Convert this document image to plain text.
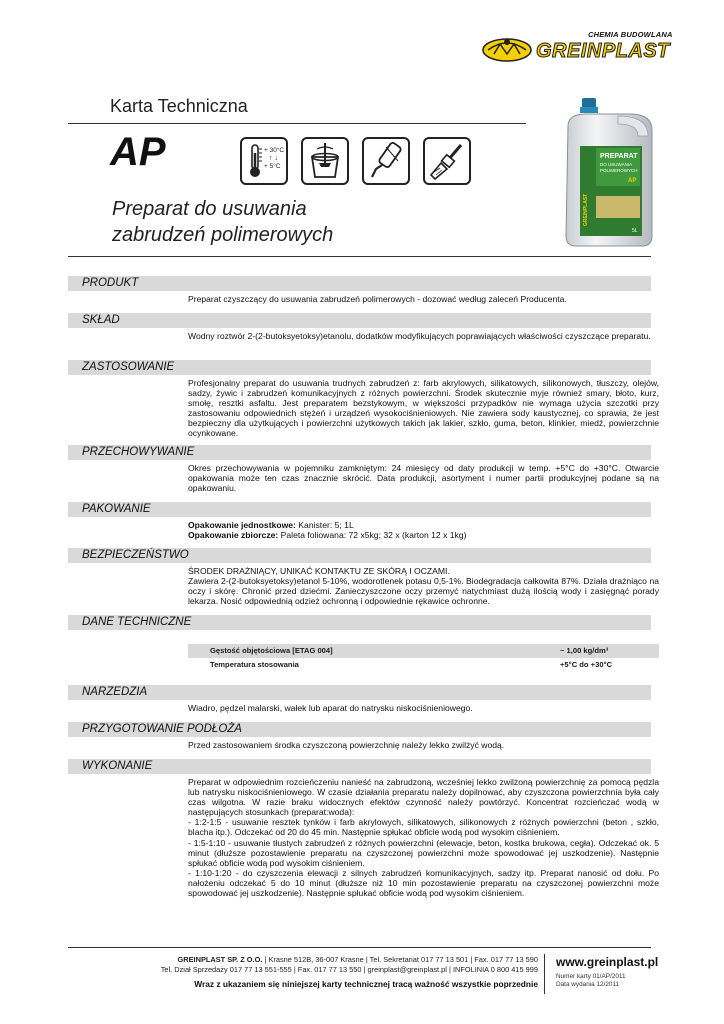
CHEMIA BUDOWLANA
GREINPLAST
Karta Techniczna
AP	+ 30°C
↑ ↓
+ 5°C
Preparat do usuwania
zabrudzeń polimerowych
PREPARAT
DO USUWANIA
POLIMEROWYCH
AP
GREINPLAST
5L
PRODUKT

Preparat czyszczący do usuwania zabrudzeń polimerowych - dozować według zaleceń Producenta.

SKŁAD

Wodny roztwór 2-(2-butoksyetoksy)etanolu, dodatków modyfikujących poprawiających właściwości czyszczące preparatu.

ZASTOSOWANIE

Profesjonalny preparat do usuwania trudnych zabrudzeń z: farb akrylowych, silikatowych, silikonowych, tłuszczy, olejów, sadzy, żywic i zabrudzeń komunikacyjnych z różnych powierzchni. Środek skutecznie myje również smary, błoto, kurz, smołę, resztki asfaltu. Jest preparatem bezstykowym, w większości przypadków nie wymaga użycia szczotki przy zastosowaniu odpowiednich stężeń i urządzeń wysokociśnieniowych. Nie zawiera sody kaustycznej, co sprawia, że jest bezpieczny dla użytkujących i powierzchni użytkowych takich jak lakier, szkło, guma, beton, klinkier, miedź, powierzchnie ocynkowane.

PRZECHOWYWANIE

Okres przechowywania w pojemniku zamkniętym: 24 miesięcy od daty produkcji w temp. +5°C do +30°C. Otwarcie opakowania może ten czas znacznie skrócić. Data produkcji, asortyment i numer partii produkcyjnej podane są na opakowaniu.

PAKOWANIE

Opakowanie jednostkowe: Kanister: 5; 1L

Opakowanie zbiorcze: Paleta foliowana: 72 x5kg; 32 x (karton 12 x 1kg)

BEZPIECZEŃSTWO

ŚRODEK DRAŻNIĄCY, UNIKAĆ KONTAKTU ZE SKÓRĄ I OCZAMI.

Zawiera 2-(2-butoksyetoksy)etanol 5-10%, wodorotlenek potasu 0,5-1%. Biodegradacja całkowita 87%. Działa drażniąco na oczy i skórę. Chronić przed dziećmi. Zanieczyszczone oczy przemyć natychmiast dużą ilością wody i zasięgnąć porady lekarza. Nosić odpowiednią odzież ochronną i odpowiednie rękawice ochronne.

DANE TECHNICZNE
Gęstość objętościowa [ETAG 004]	~ 1,00 kg/dm³
Temperatura stosowania	+5°C do +30°C
NARZEDZIA

Wiadro, pędzel malarski, wałek lub aparat do natrysku niskociśnieniowego.

PRZYGOTOWANIE PODŁOŻA

Przed zastosowaniem środka czyszczoną powierzchnię należy lekko zwilżyć wodą.

WYKONANIE

Preparat w odpowiednim rozcieńczeniu nanieść na zabrudzoną, wcześniej lekko zwilżoną powierzchnię za pomocą pędzla lub natrysku niskociśnieniowego. W czasie działania preparatu należy dopilnować, aby czyszczona powierzchnia była cały czas wilgotna. W razie braku widocznych efektów czynność należy powtórzyć. Koncentrat rozcieńczać wodą w następujących stosunkach (preparat:woda):

- 1:2-1:5 - usuwanie resztek tynków i farb akrylowych, silikatowych, silikonowych z różnych powierzchni (beton , szkło, blacha itp.). Odczekać od 20 do 45 min. Następnie spłukać obficie wodą pod wysokim ciśnieniem.

- 1:5-1:10 - usuwanie tłustych zabrudzeń z różnych powierzchni (elewacje, beton, kostka brukowa, cegła). Odczekać ok. 5 minut (dłuższe pozostawienie preparatu na czyszczonej powierzchni może spowodować jej uszkodzenie). Następnie spłukać obficie wodą pod wysokim ciśnieniem.

- 1:10-1:20 - do czyszczenia elewacji z silnych zabrudzeń komunikacyjnych, sadzy itp. Preparat nanosić od dołu. Po nałożeniu odczekać 5 do 10 minut (dłuższe niż 10 min pozostawienie preparatu na czyszczonej powierzchni może spowodować jej uszkodzenie). Następnie spłukać obficie wodą pod wysokim ciśnieniem.

GREINPLAST SP. Z O.O. | Krasne 512B, 36-007 Krasne | Tel. Sekretariat 017 77 13 501 | Fax. 017 77 13 590
Tel. Dział Sprzedaży 017 77 13 551-555 | Fax. 017 77 13 550 | greinplast@greinplast.pl | INFOLINIA 0 800 415 999
Wraz z ukazaniem się niniejszej karty technicznej tracą ważność wszystkie poprzednie
www.greinplast.pl
Numer karty 01/AP/2011
Data wydania 12/2011
